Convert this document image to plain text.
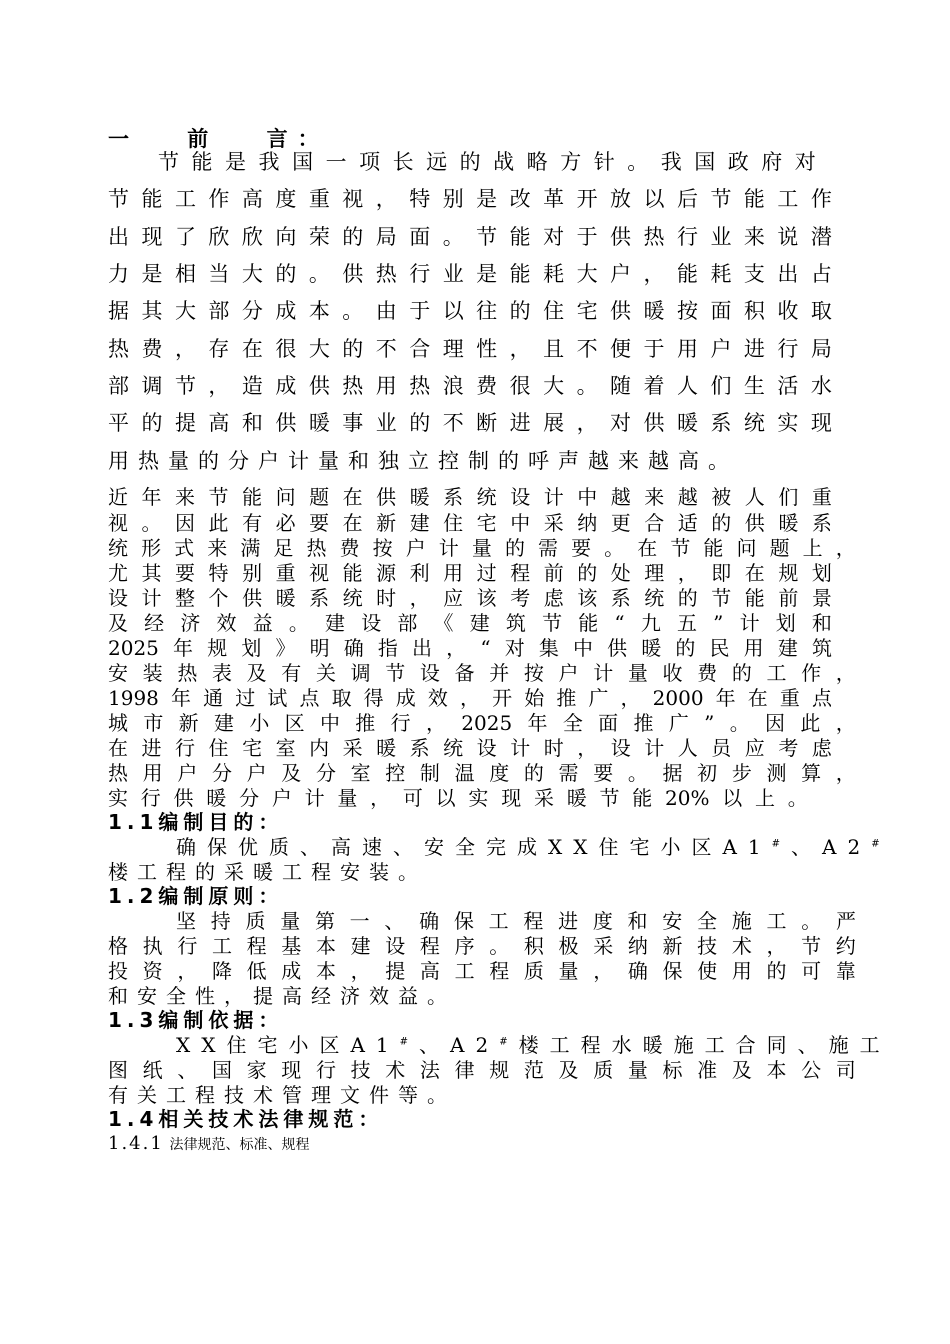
一　 前　 言：
节 能 是 我 国 一 项 长 远 的 战 略 方 针 。 我 国 政 府 对
节 能 工 作 高 度 重 视 ， 特 别 是 改 革 开 放 以 后 节 能 工 作
出 现 了 欣 欣 向 荣 的 局 面 。 节 能 对 于 供 热 行 业 来 说 潜
力 是 相 当 大 的 。 供 热 行 业 是 能 耗 大 户 ， 能 耗 支 出 占
据 其 大 部 分 成 本 。 由 于 以 往 的 住 宅 供 暖 按 面 积 收 取
热 费 ， 存 在 很 大 的 不 合 理 性 ， 且 不 便 于 用 户 进 行 局
部 调 节 ， 造 成 供 热 用 热 浪 费 很 大 。 随 着 人 们 生 活 水
平 的 提 高 和 供 暖 事 业 的 不 断 进 展 ， 对 供 暖 系 统 实 现
用热量的分户计量和独立控制的呼声越来越高。
近 年 来 节 能 问 题 在 供 暖 系 统 设 计 中 越 来 越 被 人 们 重
视 。 因 此 有 必 要 在 新 建 住 宅 中 采 纳 更 合 适 的 供 暖 系
统 形 式 来 满 足 热 费 按 户 计 量 的 需 要 。 在 节 能 问 题 上 ，
尤 其 要 特 别 重 视 能 源 利 用 过 程 前 的 处 理 ， 即 在 规 划
设 计 整 个 供 暖 系 统 时 ， 应 该 考 虑 该 系 统 的 节 能 前 景
及 经 济 效 益 。 建 设 部 《 建 筑 节 能 “ 九 五 ” 计 划 和
2025 年 规 划 》 明 确 指 出 ， “ 对 集 中 供 暖 的 民 用 建 筑
安 装 热 表 及 有 关 调 节 设 备 并 按 户 计 量 收 费 的 工 作 ，
1998 年 通 过 试 点 取 得 成 效 ， 开 始 推 广 ， 2000 年 在 重 点
城 市 新 建 小 区 中 推 行 ， 2025 年 全 面 推 广 ” 。 因 此 ，
在 进 行 住 宅 室 内 采 暖 系 统 设 计 时 ， 设 计 人 员 应 考 虑
热 用 户 分 户 及 分 室 控 制 温 度 的 需 要 。 据 初 步 测 算 ，
实 行 供 暖 分 户 计 量 ， 可 以 实 现 采 暖 节 能 20% 以 上 。
1.1编制目的：
确保优质、高速、安全完成XX住宅小区A1#、A2#
楼工程的采暖工程安装。
1.2编制原则：
坚 持 质 量 第 一 、 确 保 工 程 进 度 和 安 全 施 工 。 严
格 执 行 工 程 基 本 建 设 程 序 。 积 极 采 纳 新 技 术 ， 节 约
投 资 ， 降 低 成 本 ， 提 高 工 程 质 量 ， 确 保 使 用 的 可 靠
和安全性，提高经济效益。
1.3编制依据：
XX住宅小区A1#、A2#楼工程水暖施工合同、施工
图 纸 、 国 家 现 行 技 术 法 律 规 范 及 质 量 标 准 及 本 公 司
有关工程技术管理文件等。
1.4相关技术法律规范：
1.4.1 法律规范、标准、规程
